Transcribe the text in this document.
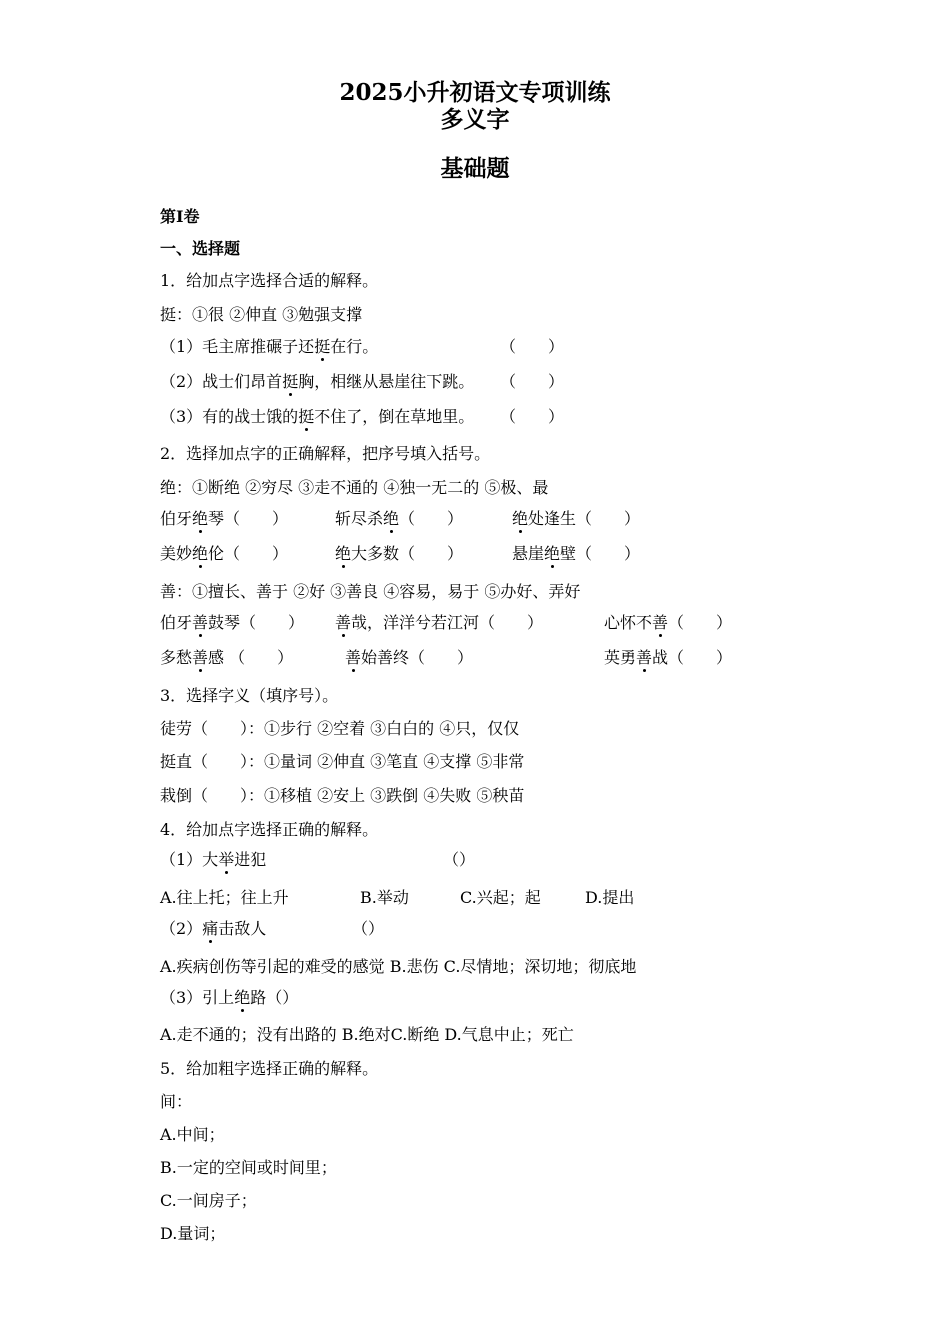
2025小升初语文专项训练
多义字
基础题
第I卷
一、选择题
1．给加点字选择合适的解释。
挺：①很 ②伸直 ③勉强支撑
（1）毛主席推碾子还挺在行。	（　　）
（2）战士们昂首挺胸，相继从悬崖往下跳。 （　　）
（3）有的战士饿的挺不住了，倒在草地里。 （　　）
2．选择加点字的正确解释，把序号填入括号。
绝：①断绝 ②穷尽 ③走不通的 ④独一无二的 ⑤极、最
伯牙绝琴（　　）	斩尽杀绝（　　）	绝处逢生（　　）
美妙绝伦（　　）	绝大多数（　　）	悬崖绝壁（　　）
善：①擅长、善于 ②好 ③善良 ④容易，易于 ⑤办好、弄好
伯牙善鼓琴（　　） 善哉，洋洋兮若江河（　　）	心怀不善（　　）
多愁善感 （　　）	善始善终（　　）	英勇善战（　　）
3．选择字义（填序号）。
徒劳（　　）：①步行 ②空着 ③白白的 ④只，仅仅
挺直（　　）：①量词 ②伸直 ③笔直 ④支撑 ⑤非常
栽倒（　　）：①移植 ②安上 ③跌倒 ④失败 ⑤秧苗
4．给加点字选择正确的解释。
（1）大举进犯	（）
A.往上托；往上升	B.举动	C.兴起；起	D.提出
（2）痛击敌人	（）
A.疾病创伤等引起的难受的感觉 B.悲伤 C.尽情地；深切地；彻底地
（3）引上绝路（）
A.走不通的；没有出路的 B.绝对C.断绝 D.气息中止；死亡
5．给加粗字选择正确的解释。
间：
A.中间；
B.一定的空间或时间里；
C.一间房子；
D.量词；
